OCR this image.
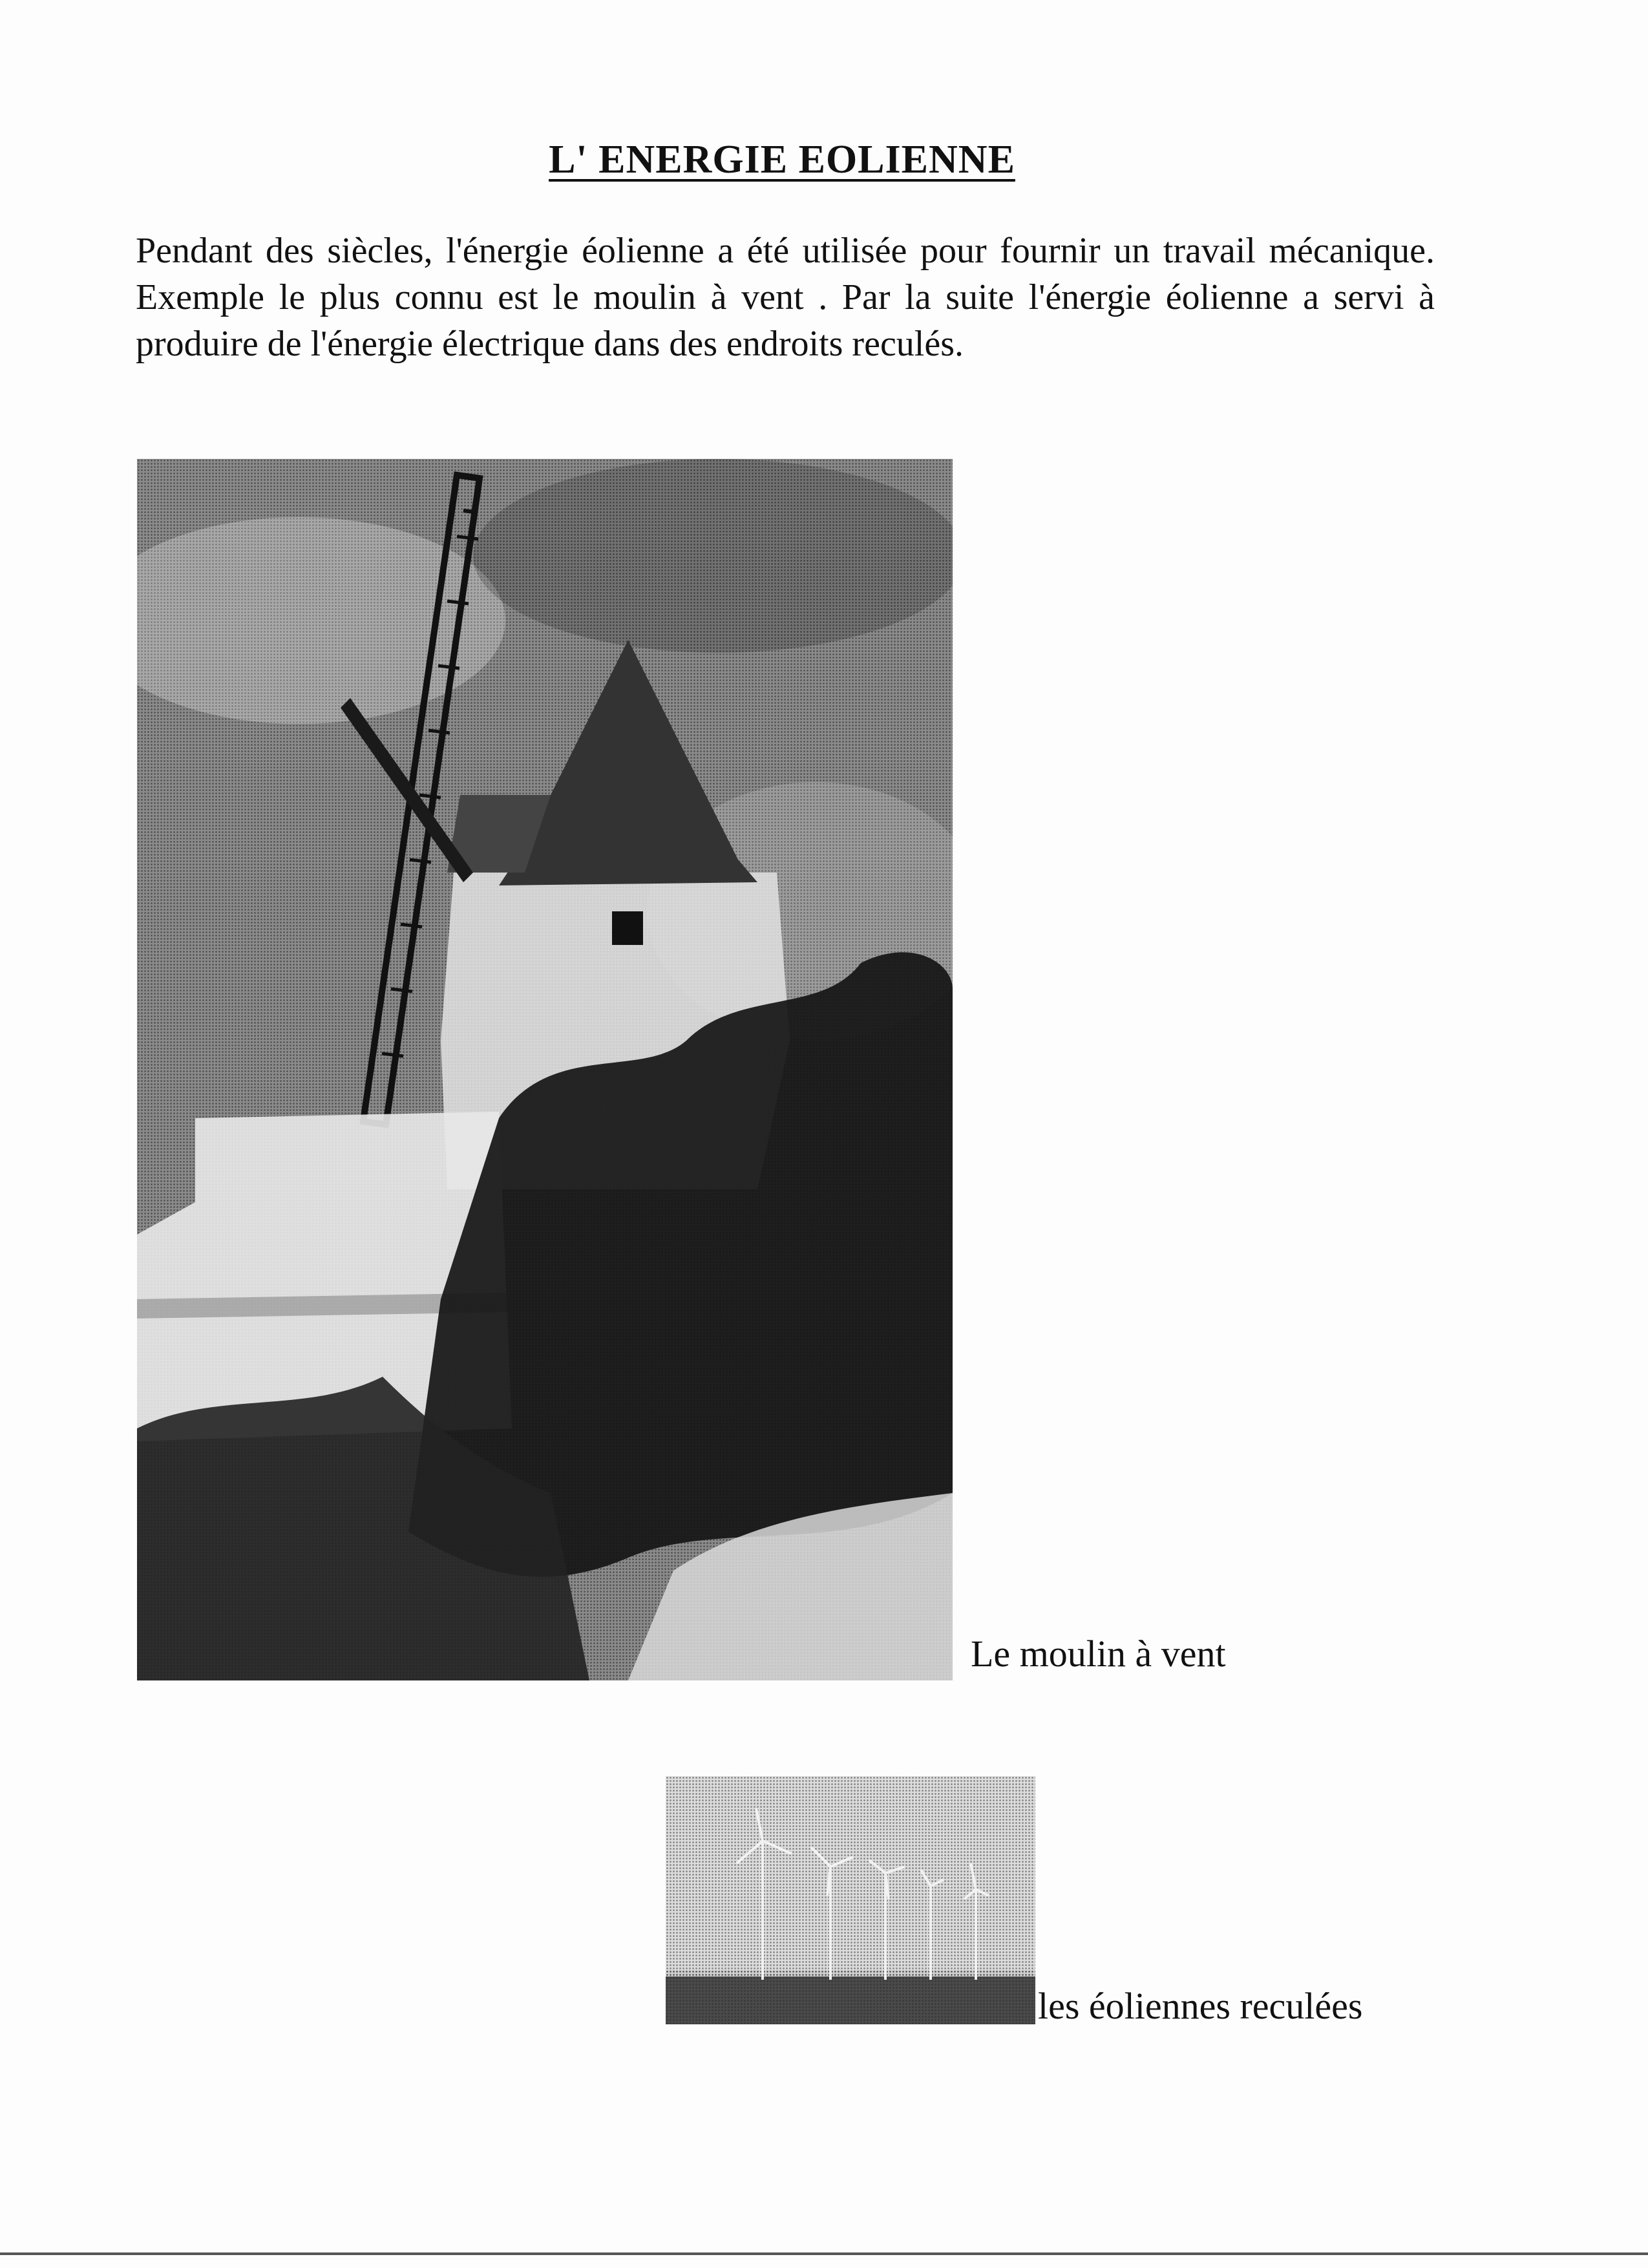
L' ENERGIE EOLIENNE

Pendant des siècles, l'énergie éolienne a été utilisée pour fournir un travail mécanique. Exemple le plus connu est le moulin à vent . Par la suite l'énergie éolienne a servi à produire de l'énergie électrique dans des endroits reculés.

Le moulin à vent
les éoliennes reculées
